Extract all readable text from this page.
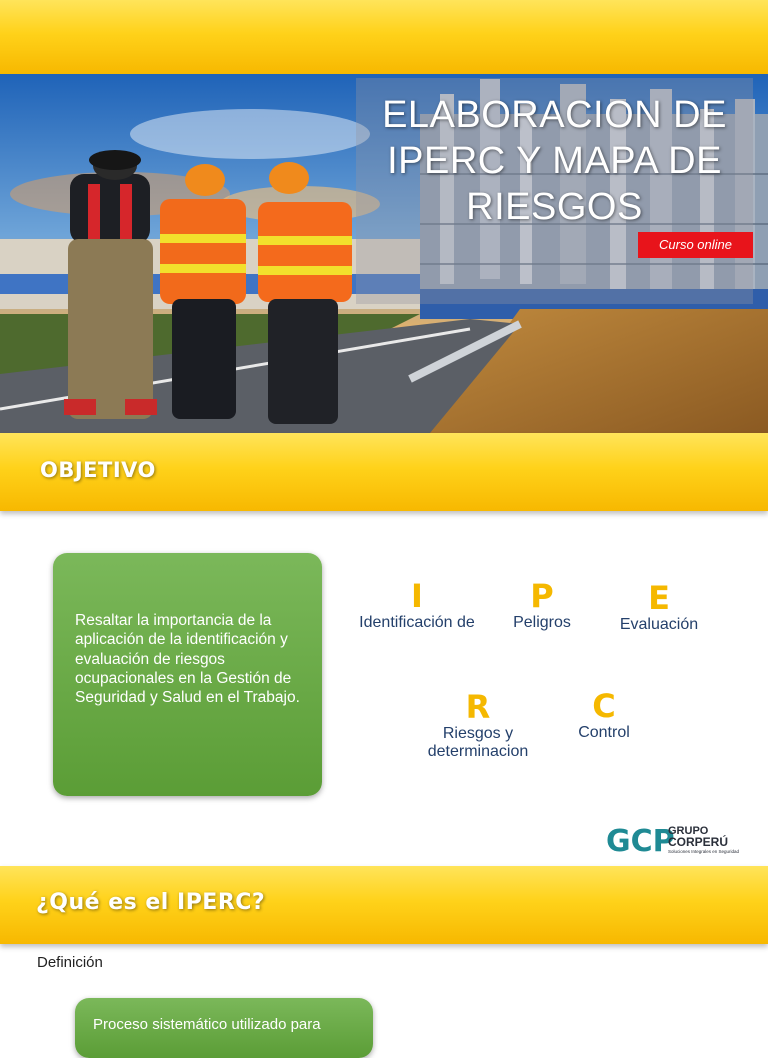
ELABORACION DE IPERC Y MAPA DE RIESGOS
Curso online
OBJETIVO
Resaltar la importancia de la aplicación de la identificación y evaluación de riesgos ocupacionales en la Gestión de Seguridad y Salud en el Trabajo.
I
Identificación de
P
Peligros
E
Evaluación
R
Riesgos y determinacion
C
Control
GCP
GRUPO
CORPERÚ
Soluciones Integrales en Seguridad
¿Qué es el IPERC?
Definición
Proceso sistemático utilizado para
